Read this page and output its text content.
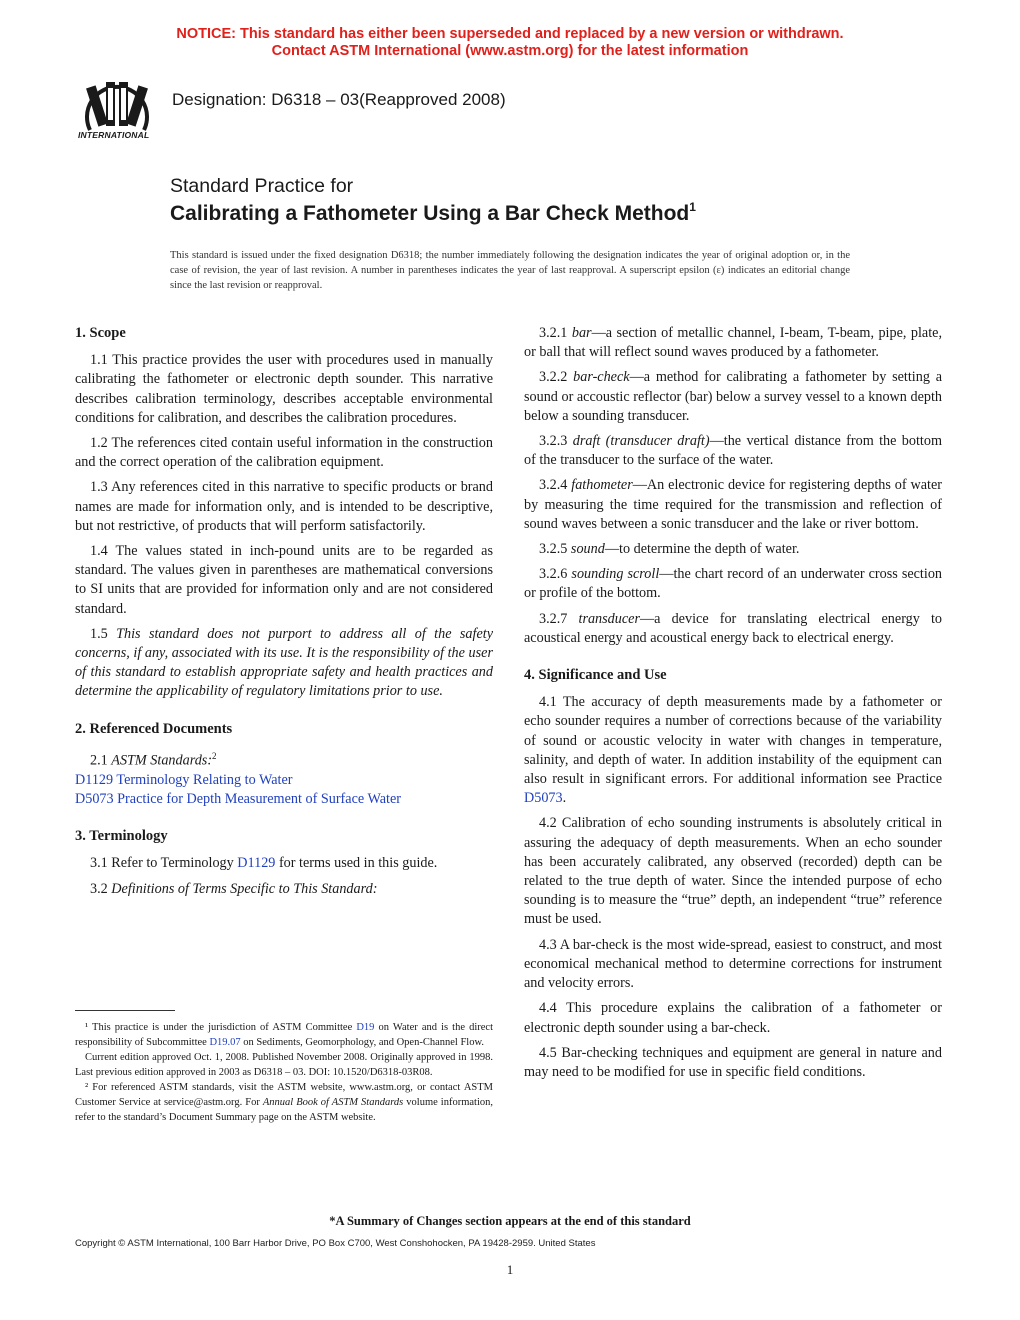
NOTICE: This standard has either been superseded and replaced by a new version or withdrawn.
Contact ASTM International (www.astm.org) for the latest information
INTERNATIONAL
Designation: D6318 – 03(Reapproved 2008)
Standard Practice for
Calibrating a Fathometer Using a Bar Check Method$^1$
This standard is issued under the fixed designation D6318; the number immediately following the designation indicates the year of original adoption or, in the case of revision, the year of last revision. A number in parentheses indicates the year of last reapproval. A superscript epsilon (ε) indicates an editorial change since the last revision or reapproval.
1. Scope

1.1 This practice provides the user with procedures used in manually calibrating the fathometer or electronic depth sounder. This narrative describes calibration terminology, describes acceptable environmental conditions for calibration, and describes the calibration procedures.

1.2 The references cited contain useful information in the construction and the correct operation of the calibration equipment.

1.3 Any references cited in this narrative to specific products or brand names are made for information only, and is intended to be descriptive, but not restrictive, of products that will perform satisfactorily.

1.4 The values stated in inch-pound units are to be regarded as standard. The values given in parentheses are mathematical conversions to SI units that are provided for information only and are not considered standard.

1.5 This standard does not purport to address all of the safety concerns, if any, associated with its use. It is the responsibility of the user of this standard to establish appropriate safety and health practices and determine the applicability of regulatory limitations prior to use.

2. Referenced Documents

2.1 ASTM Standards:$^2$

D1129 Terminology Relating to Water

D5073 Practice for Depth Measurement of Surface Water

3. Terminology

3.1 Refer to Terminology D1129 for terms used in this guide.

3.2 Definitions of Terms Specific to This Standard:

3.2.1 bar—a section of metallic channel, I-beam, T-beam, pipe, plate, or ball that will reflect sound waves produced by a fathometer.

3.2.2 bar-check—a method for calibrating a fathometer by setting a sound or accoustic reflector (bar) below a survey vessel to a known depth below a sounding transducer.

3.2.3 draft (transducer draft)—the vertical distance from the bottom of the transducer to the surface of the water.

3.2.4 fathometer—An electronic device for registering depths of water by measuring the time required for the transmission and reflection of sound waves between a sonic transducer and the lake or river bottom.

3.2.5 sound—to determine the depth of water.

3.2.6 sounding scroll—the chart record of an underwater cross section or profile of the bottom.

3.2.7 transducer—a device for translating electrical energy to acoustical energy and acoustical energy back to electrical energy.

4. Significance and Use

4.1 The accuracy of depth measurements made by a fathometer or echo sounder requires a number of corrections because of the variability of sound or acoustic velocity in water with changes in temperature, salinity, and depth of water. In addition instability of the equipment can also result in significant errors. For additional information see Practice D5073.

4.2 Calibration of echo sounding instruments is absolutely critical in assuring the adequacy of depth measurements. When an echo sounder has been accurately calibrated, any observed (recorded) depth can be related to the true depth of water. Since the intended purpose of echo sounding is to measure the “true” depth, an independent “true” reference must be used.

4.3 A bar-check is the most wide-spread, easiest to construct, and most economical mechanical method to determine corrections for instrument and velocity errors.

4.4 This procedure explains the calibration of a fathometer or electronic depth sounder using a bar-check.

4.5 Bar-checking techniques and equipment are general in nature and may need to be modified for use in specific field conditions.

¹ This practice is under the jurisdiction of ASTM Committee D19 on Water and is the direct responsibility of Subcommittee D19.07 on Sediments, Geomorphology, and Open-Channel Flow.

Current edition approved Oct. 1, 2008. Published November 2008. Originally approved in 1998. Last previous edition approved in 2003 as D6318 – 03. DOI: 10.1520/D6318-03R08.

² For referenced ASTM standards, visit the ASTM website, www.astm.org, or contact ASTM Customer Service at service@astm.org. For Annual Book of ASTM Standards volume information, refer to the standard’s Document Summary page on the ASTM website.

*A Summary of Changes section appears at the end of this standard
Copyright © ASTM International, 100 Barr Harbor Drive, PO Box C700, West Conshohocken, PA 19428-2959. United States
1
